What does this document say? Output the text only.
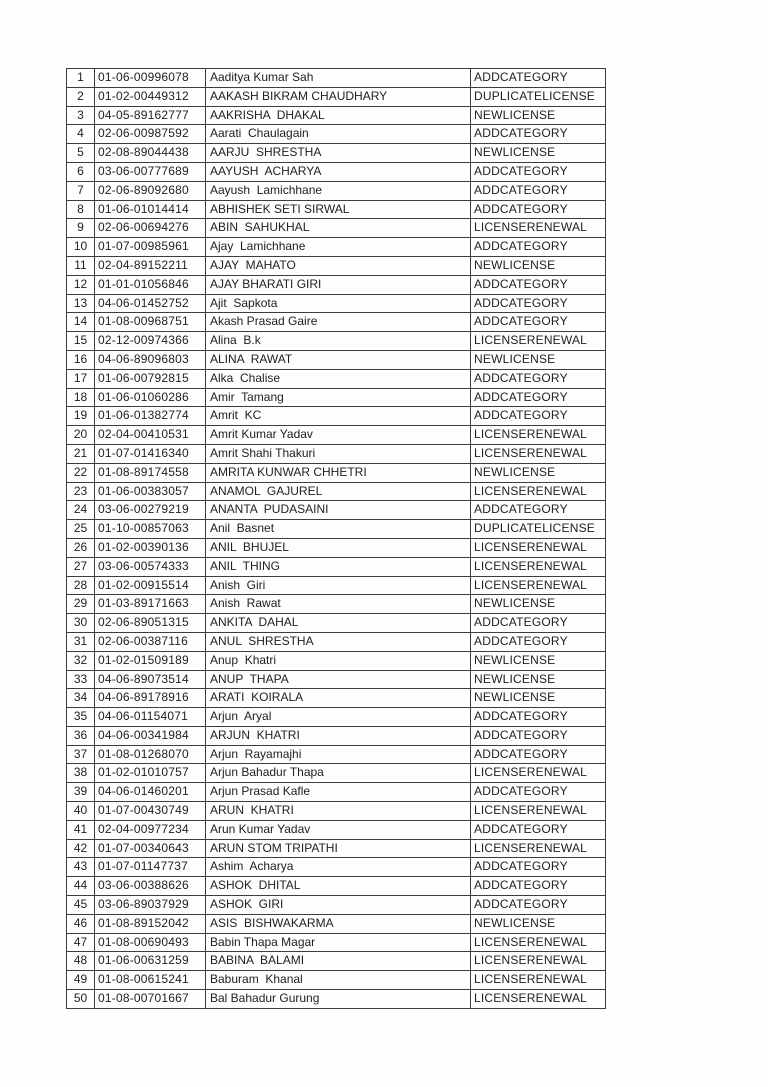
1	01-06-00996078	Aaditya Kumar Sah	ADDCATEGORY
2	01-02-00449312	AAKASH BIKRAM CHAUDHARY	DUPLICATELICENSE
3	04-05-89162777	AAKRISHA  DHAKAL	NEWLICENSE
4	02-06-00987592	Aarati  Chaulagain	ADDCATEGORY
5	02-08-89044438	AARJU  SHRESTHA	NEWLICENSE
6	03-06-00777689	AAYUSH  ACHARYA	ADDCATEGORY
7	02-06-89092680	Aayush  Lamichhane	ADDCATEGORY
8	01-06-01014414	ABHISHEK SETI SIRWAL	ADDCATEGORY
9	02-06-00694276	ABIN  SAHUKHAL	LICENSERENEWAL
10	01-07-00985961	Ajay  Lamichhane	ADDCATEGORY
11	02-04-89152211	AJAY  MAHATO	NEWLICENSE
12	01-01-01056846	AJAY BHARATI GIRI	ADDCATEGORY
13	04-06-01452752	Ajit  Sapkota	ADDCATEGORY
14	01-08-00968751	Akash Prasad Gaire	ADDCATEGORY
15	02-12-00974366	Alina  B.k	LICENSERENEWAL
16	04-06-89096803	ALINA  RAWAT	NEWLICENSE
17	01-06-00792815	Alka  Chalise	ADDCATEGORY
18	01-06-01060286	Amir  Tamang	ADDCATEGORY
19	01-06-01382774	Amrit  KC	ADDCATEGORY
20	02-04-00410531	Amrit Kumar Yadav	LICENSERENEWAL
21	01-07-01416340	Amrit Shahi Thakuri	LICENSERENEWAL
22	01-08-89174558	AMRITA KUNWAR CHHETRI	NEWLICENSE
23	01-06-00383057	ANAMOL  GAJUREL	LICENSERENEWAL
24	03-06-00279219	ANANTA  PUDASAINI	ADDCATEGORY
25	01-10-00857063	Anil  Basnet	DUPLICATELICENSE
26	01-02-00390136	ANIL  BHUJEL	LICENSERENEWAL
27	03-06-00574333	ANIL  THING	LICENSERENEWAL
28	01-02-00915514	Anish  Giri	LICENSERENEWAL
29	01-03-89171663	Anish  Rawat	NEWLICENSE
30	02-06-89051315	ANKITA  DAHAL	ADDCATEGORY
31	02-06-00387116	ANUL  SHRESTHA	ADDCATEGORY
32	01-02-01509189	Anup  Khatri	NEWLICENSE
33	04-06-89073514	ANUP  THAPA	NEWLICENSE
34	04-06-89178916	ARATI  KOIRALA	NEWLICENSE
35	04-06-01154071	Arjun  Aryal	ADDCATEGORY
36	04-06-00341984	ARJUN  KHATRI	ADDCATEGORY
37	01-08-01268070	Arjun  Rayamajhi	ADDCATEGORY
38	01-02-01010757	Arjun Bahadur Thapa	LICENSERENEWAL
39	04-06-01460201	Arjun Prasad Kafle	ADDCATEGORY
40	01-07-00430749	ARUN  KHATRI	LICENSERENEWAL
41	02-04-00977234	Arun Kumar Yadav	ADDCATEGORY
42	01-07-00340643	ARUN STOM TRIPATHI	LICENSERENEWAL
43	01-07-01147737	Ashim  Acharya	ADDCATEGORY
44	03-06-00388626	ASHOK  DHITAL	ADDCATEGORY
45	03-06-89037929	ASHOK  GIRI	ADDCATEGORY
46	01-08-89152042	ASIS  BISHWAKARMA	NEWLICENSE
47	01-08-00690493	Babin Thapa Magar	LICENSERENEWAL
48	01-06-00631259	BABINA  BALAMI	LICENSERENEWAL
49	01-08-00615241	Baburam  Khanal	LICENSERENEWAL
50	01-08-00701667	Bal Bahadur Gurung	LICENSERENEWAL
